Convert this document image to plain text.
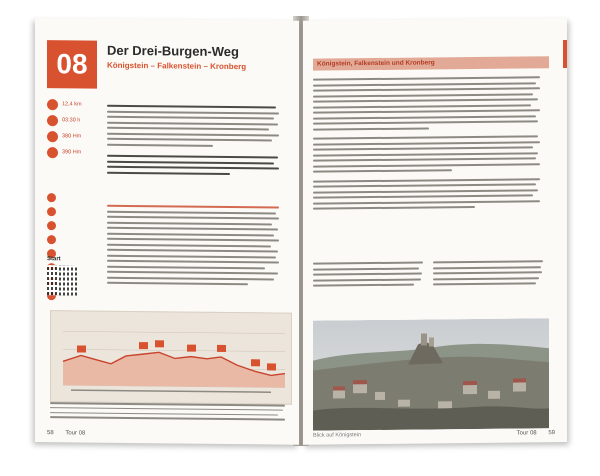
08	Der Drei-Burgen-Weg
Königstein – Falkenstein – Kronberg
12,4 km
03:30 h
380 Hm
390 Hm
Start
58 Tour 08
Königstein, Falkenstein und Kronberg
Blick auf Königstein	Tour 08 59
